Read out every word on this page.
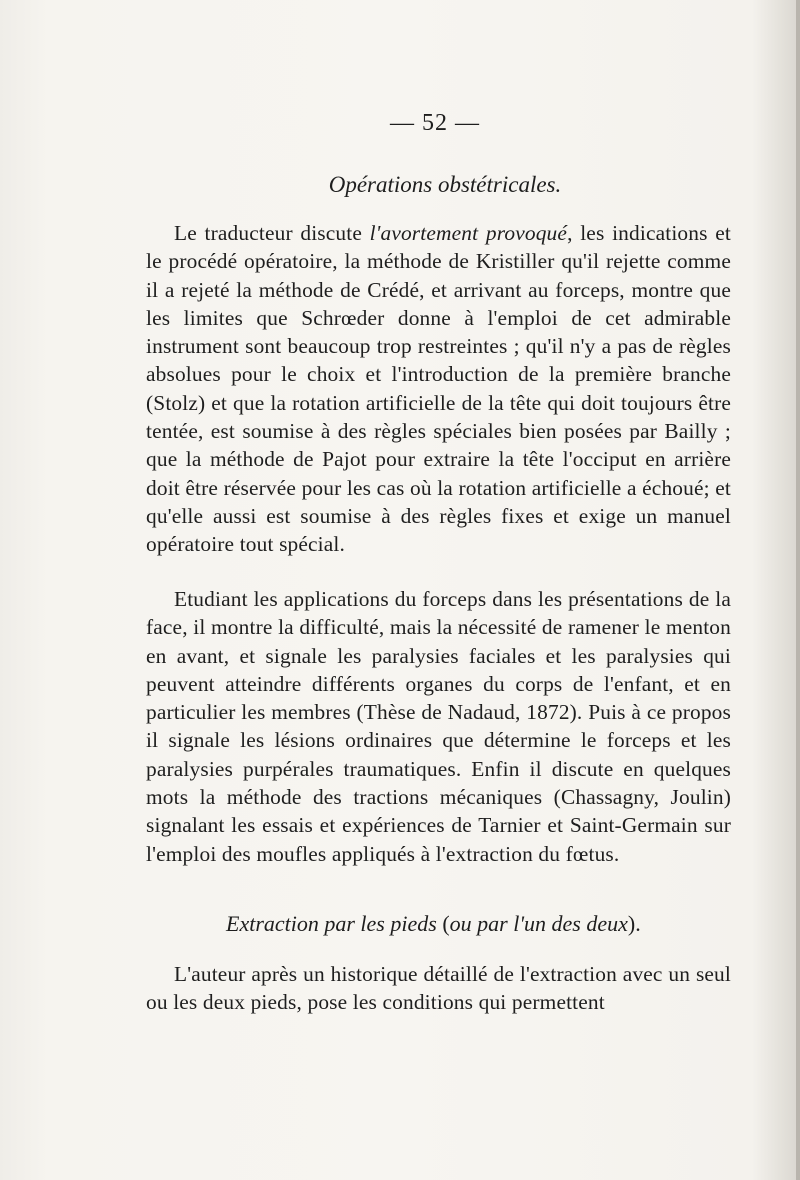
— 52 —
Opérations obstétricales.

Le traducteur discute l'avortement provoqué, les indications et le procédé opératoire, la méthode de Kristiller qu'il rejette comme il a rejeté la méthode de Crédé, et arrivant au forceps, montre que les limites que Schrœder donne à l'emploi de cet admirable instrument sont beaucoup trop restreintes ; qu'il n'y a pas de règles absolues pour le choix et l'introduction de la première branche (Stolz) et que la rotation artificielle de la tête qui doit toujours être tentée, est soumise à des règles spéciales bien posées par Bailly ; que la méthode de Pajot pour extraire la tête l'occiput en arrière doit être réservée pour les cas où la rotation artificielle a échoué; et qu'elle aussi est soumise à des règles fixes et exige un manuel opératoire tout spécial.

Etudiant les applications du forceps dans les présentations de la face, il montre la difficulté, mais la nécessité de ramener le menton en avant, et signale les paralysies faciales et les paralysies qui peuvent atteindre différents organes du corps de l'enfant, et en particulier les membres (Thèse de Nadaud, 1872). Puis à ce propos il signale les lésions ordinaires que détermine le forceps et les paralysies purpérales traumatiques. Enfin il discute en quelques mots la méthode des tractions mécaniques (Chassagny, Joulin) signalant les essais et expériences de Tarnier et Saint-Germain sur l'emploi des moufles appliqués à l'extraction du fœtus.

Extraction par les pieds (ou par l'un des deux).

L'auteur après un historique détaillé de l'extraction avec un seul ou les deux pieds, pose les conditions qui permettent
